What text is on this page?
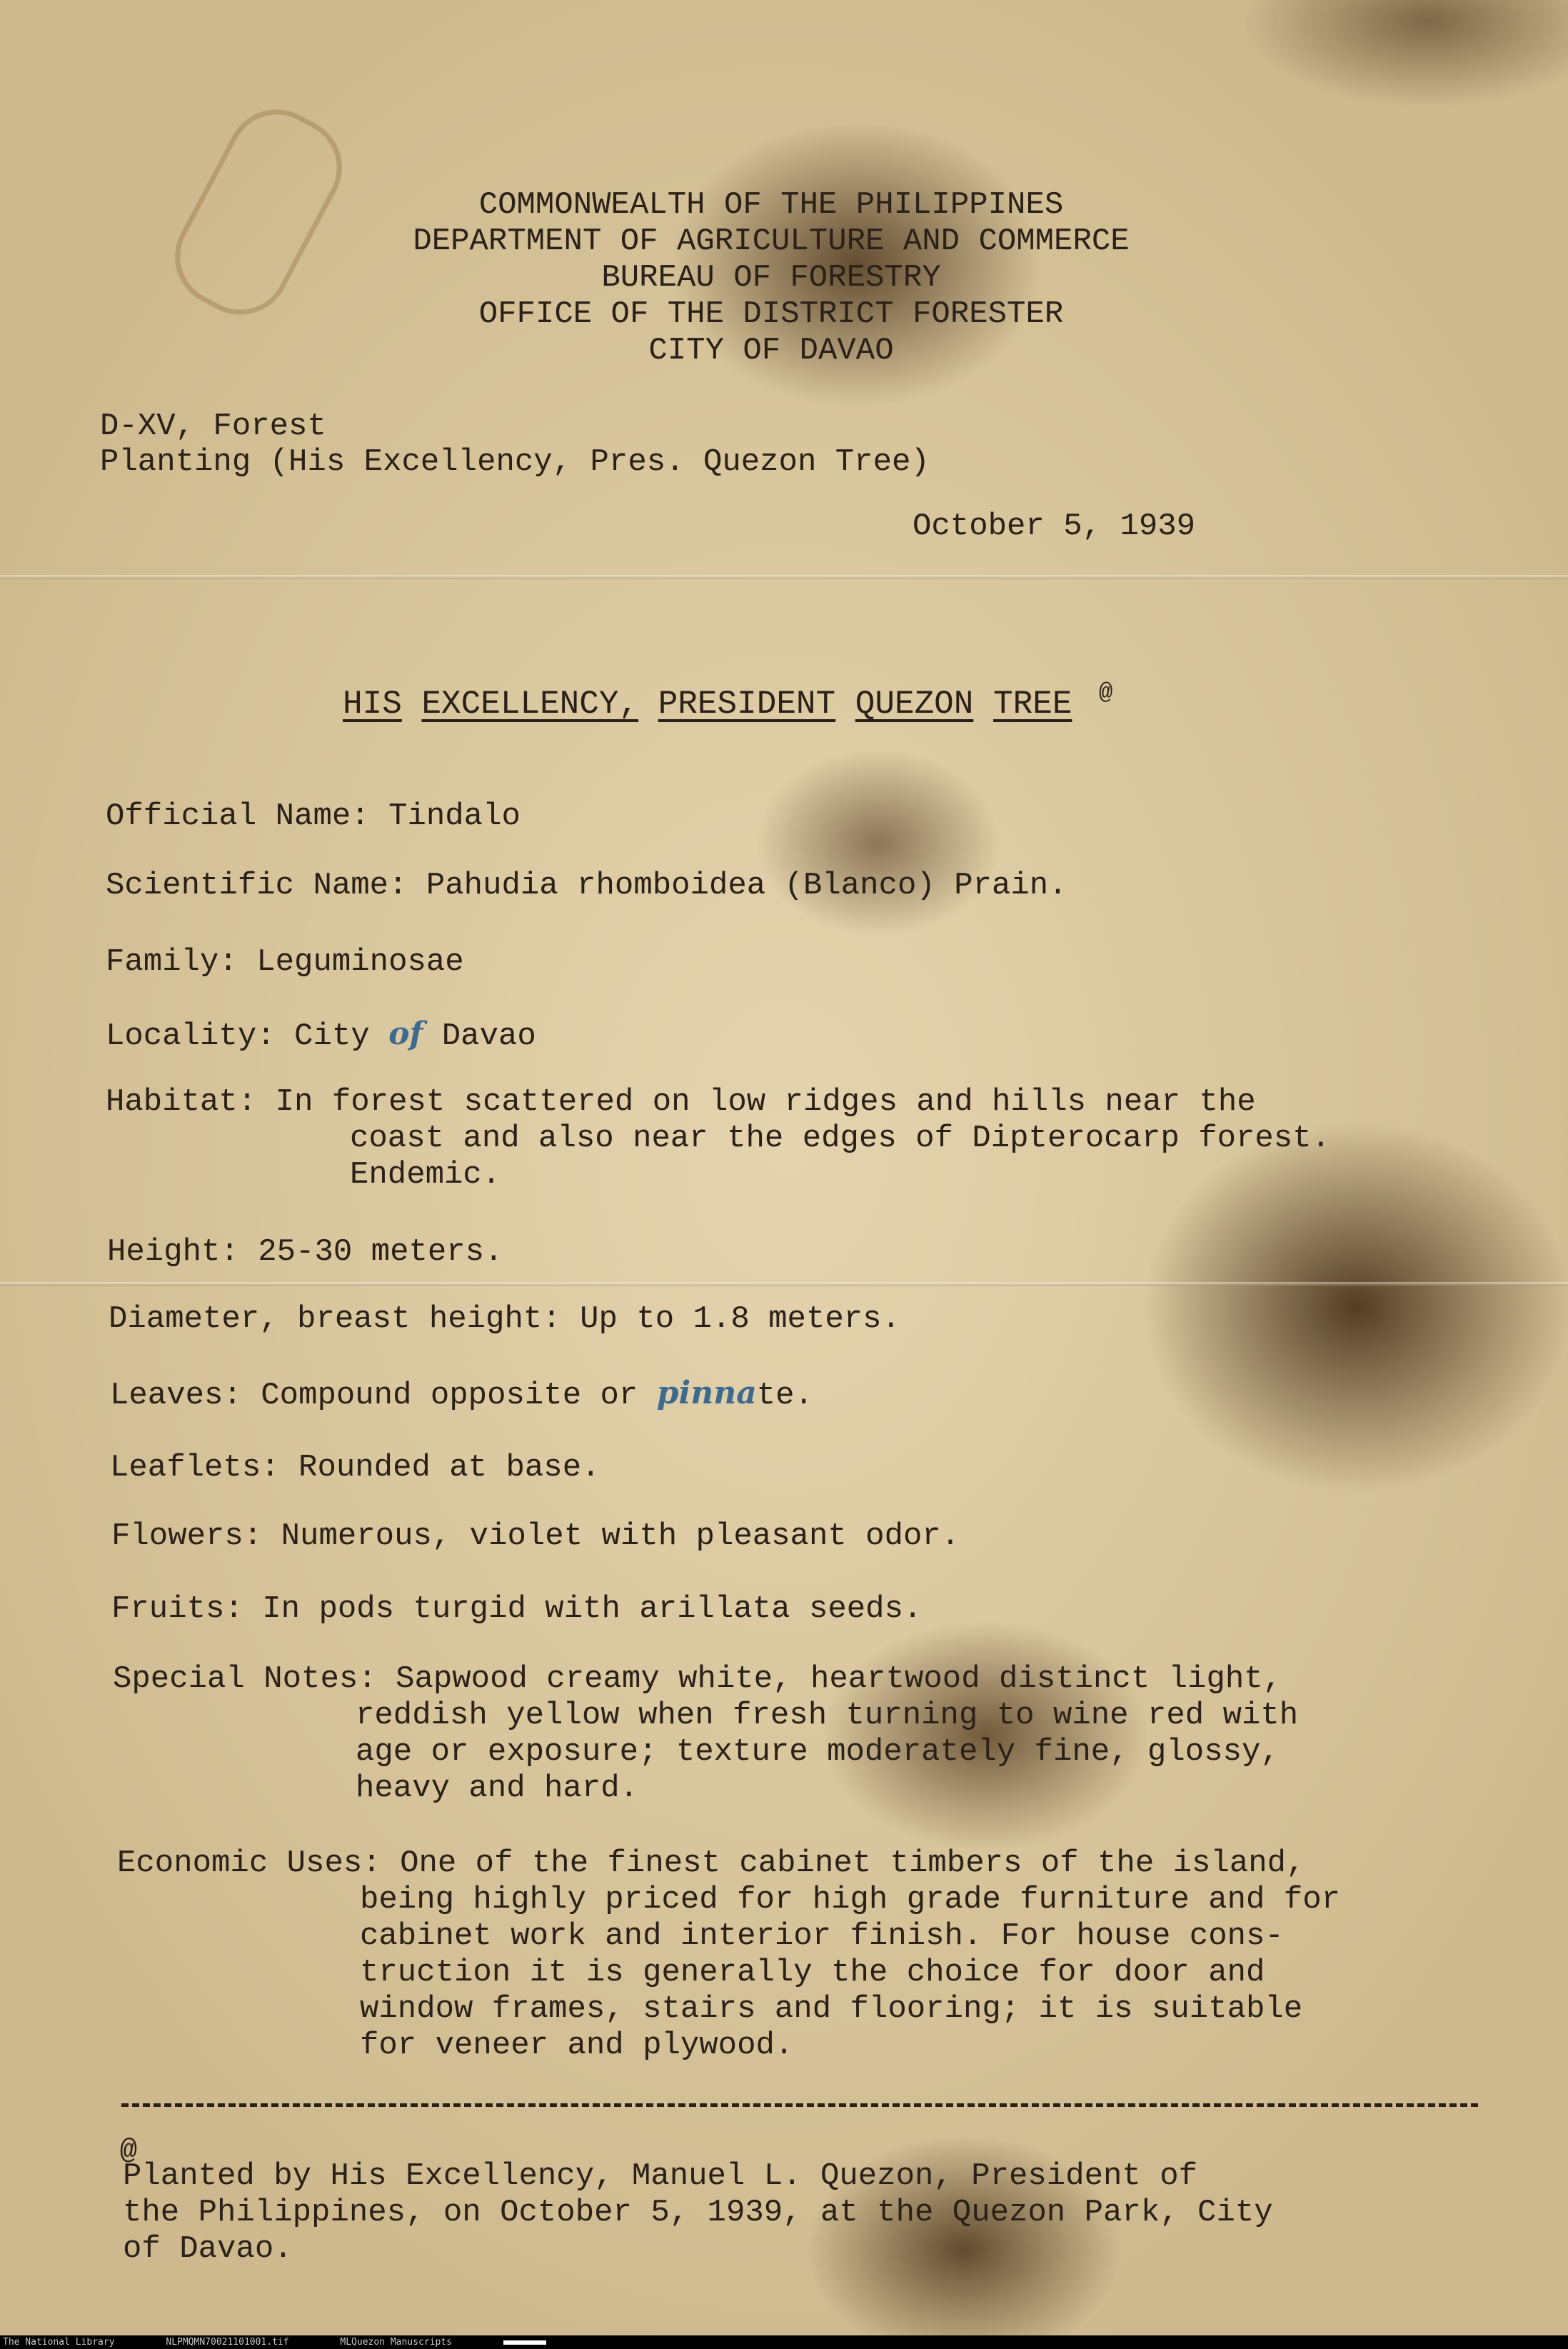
COMMONWEALTH OF THE PHILIPPINES
DEPARTMENT OF AGRICULTURE AND COMMERCE
BUREAU OF FORESTRY
OFFICE OF THE DISTRICT FORESTER
CITY OF DAVAO
D-XV, Forest
Planting (His Excellency, Pres. Quezon Tree)
October 5, 1939
HIS EXCELLENCY, PRESIDENT QUEZON TREE @
Official Name: Tindalo
Scientific Name: Pahudia rhomboidea (Blanco) Prain.
Family: Leguminosae
Locality: City of Davao
Habitat: In forest scattered on low ridges and hills near the
coast and also near the edges of Dipterocarp forest.
Endemic.
Height: 25-30 meters.
Diameter, breast height: Up to 1.8 meters.
Leaves: Compound opposite or pinnate.
Leaflets: Rounded at base.
Flowers: Numerous, violet with pleasant odor.
Fruits: In pods turgid with arillata seeds.
Special Notes: Sapwood creamy white, heartwood distinct light,
reddish yellow when fresh turning to wine red with
age or exposure; texture moderately fine, glossy,
heavy and hard.
Economic Uses: One of the finest cabinet timbers of the island,
being highly priced for high grade furniture and for
cabinet work and interior finish. For house cons-
truction it is generally the choice for door and
window frames, stairs and flooring; it is suitable
for veneer and plywood.
@
Planted by His Excellency, Manuel L. Quezon, President of
the Philippines, on October 5, 1939, at the Quezon Park, City
of Davao.
The National Library	NLPMQMN70021101001.tif	MLQuezon Manuscripts
